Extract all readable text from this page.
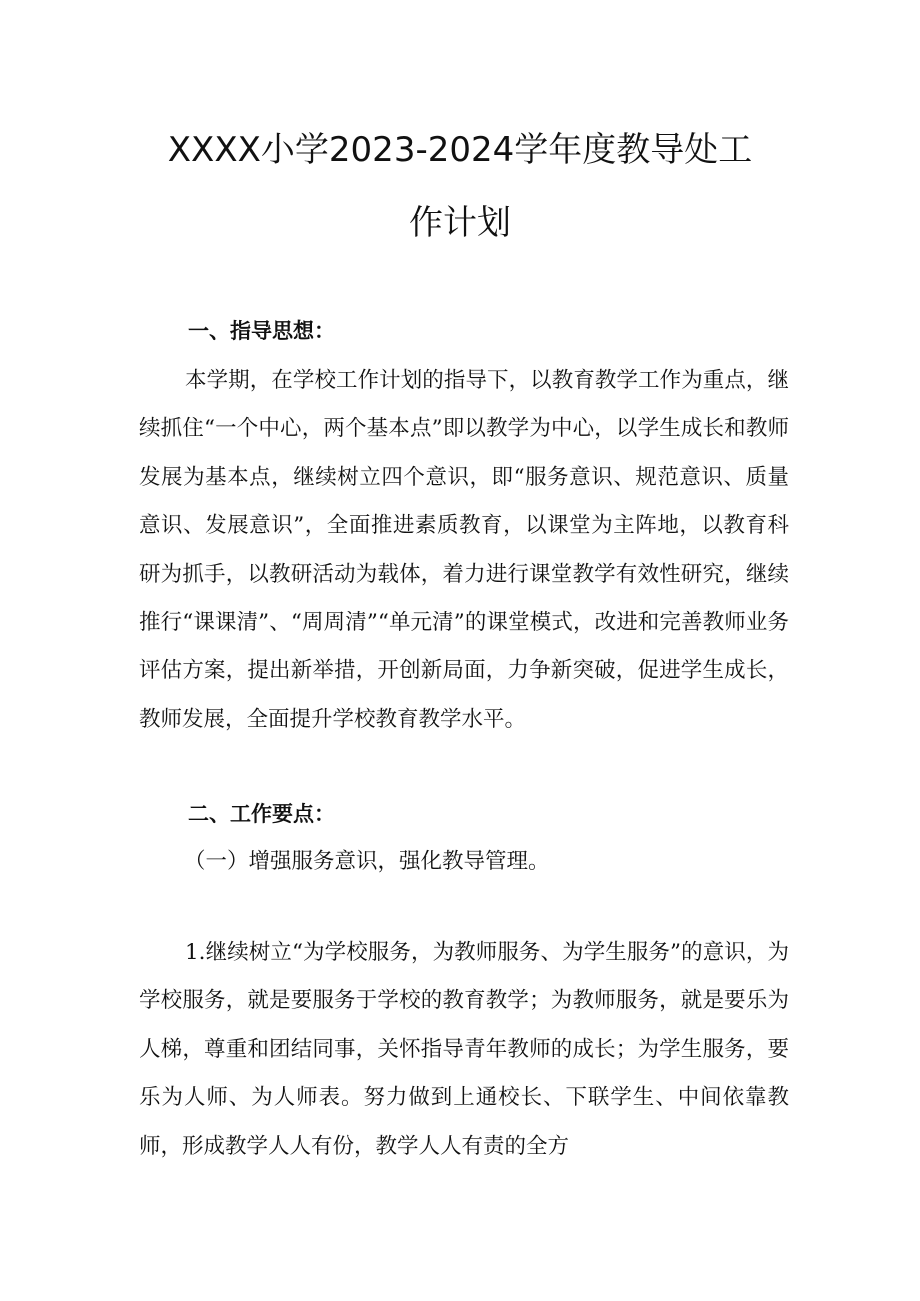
XXXX小学2023-2024学年度教导处工
作计划
一、指导思想：

本学期，在学校工作计划的指导下，以教育教学工作为重点，继续抓住“一个中心，两个基本点”即以教学为中心，以学生成长和教师发展为基本点，继续树立四个意识，即“服务意识、规范意识、质量意识、发展意识”，全面推进素质教育，以课堂为主阵地，以教育科研为抓手，以教研活动为载体，着力进行课堂教学有效性研究，继续推行“课课清”、“周周清”“单元清”的课堂模式，改进和完善教师业务评估方案，提出新举措，开创新局面，力争新突破，促进学生成长，教师发展，全面提升学校教育教学水平。

二、工作要点：

（一）增强服务意识，强化教导管理。

1.继续树立“为学校服务，为教师服务、为学生服务”的意识，为学校服务，就是要服务于学校的教育教学；为教师服务，就是要乐为人梯，尊重和团结同事，关怀指导青年教师的成长；为学生服务，要乐为人师、为人师表。努力做到上通校长、下联学生、中间依靠教师，形成教学人人有份，教学人人有责的全方
